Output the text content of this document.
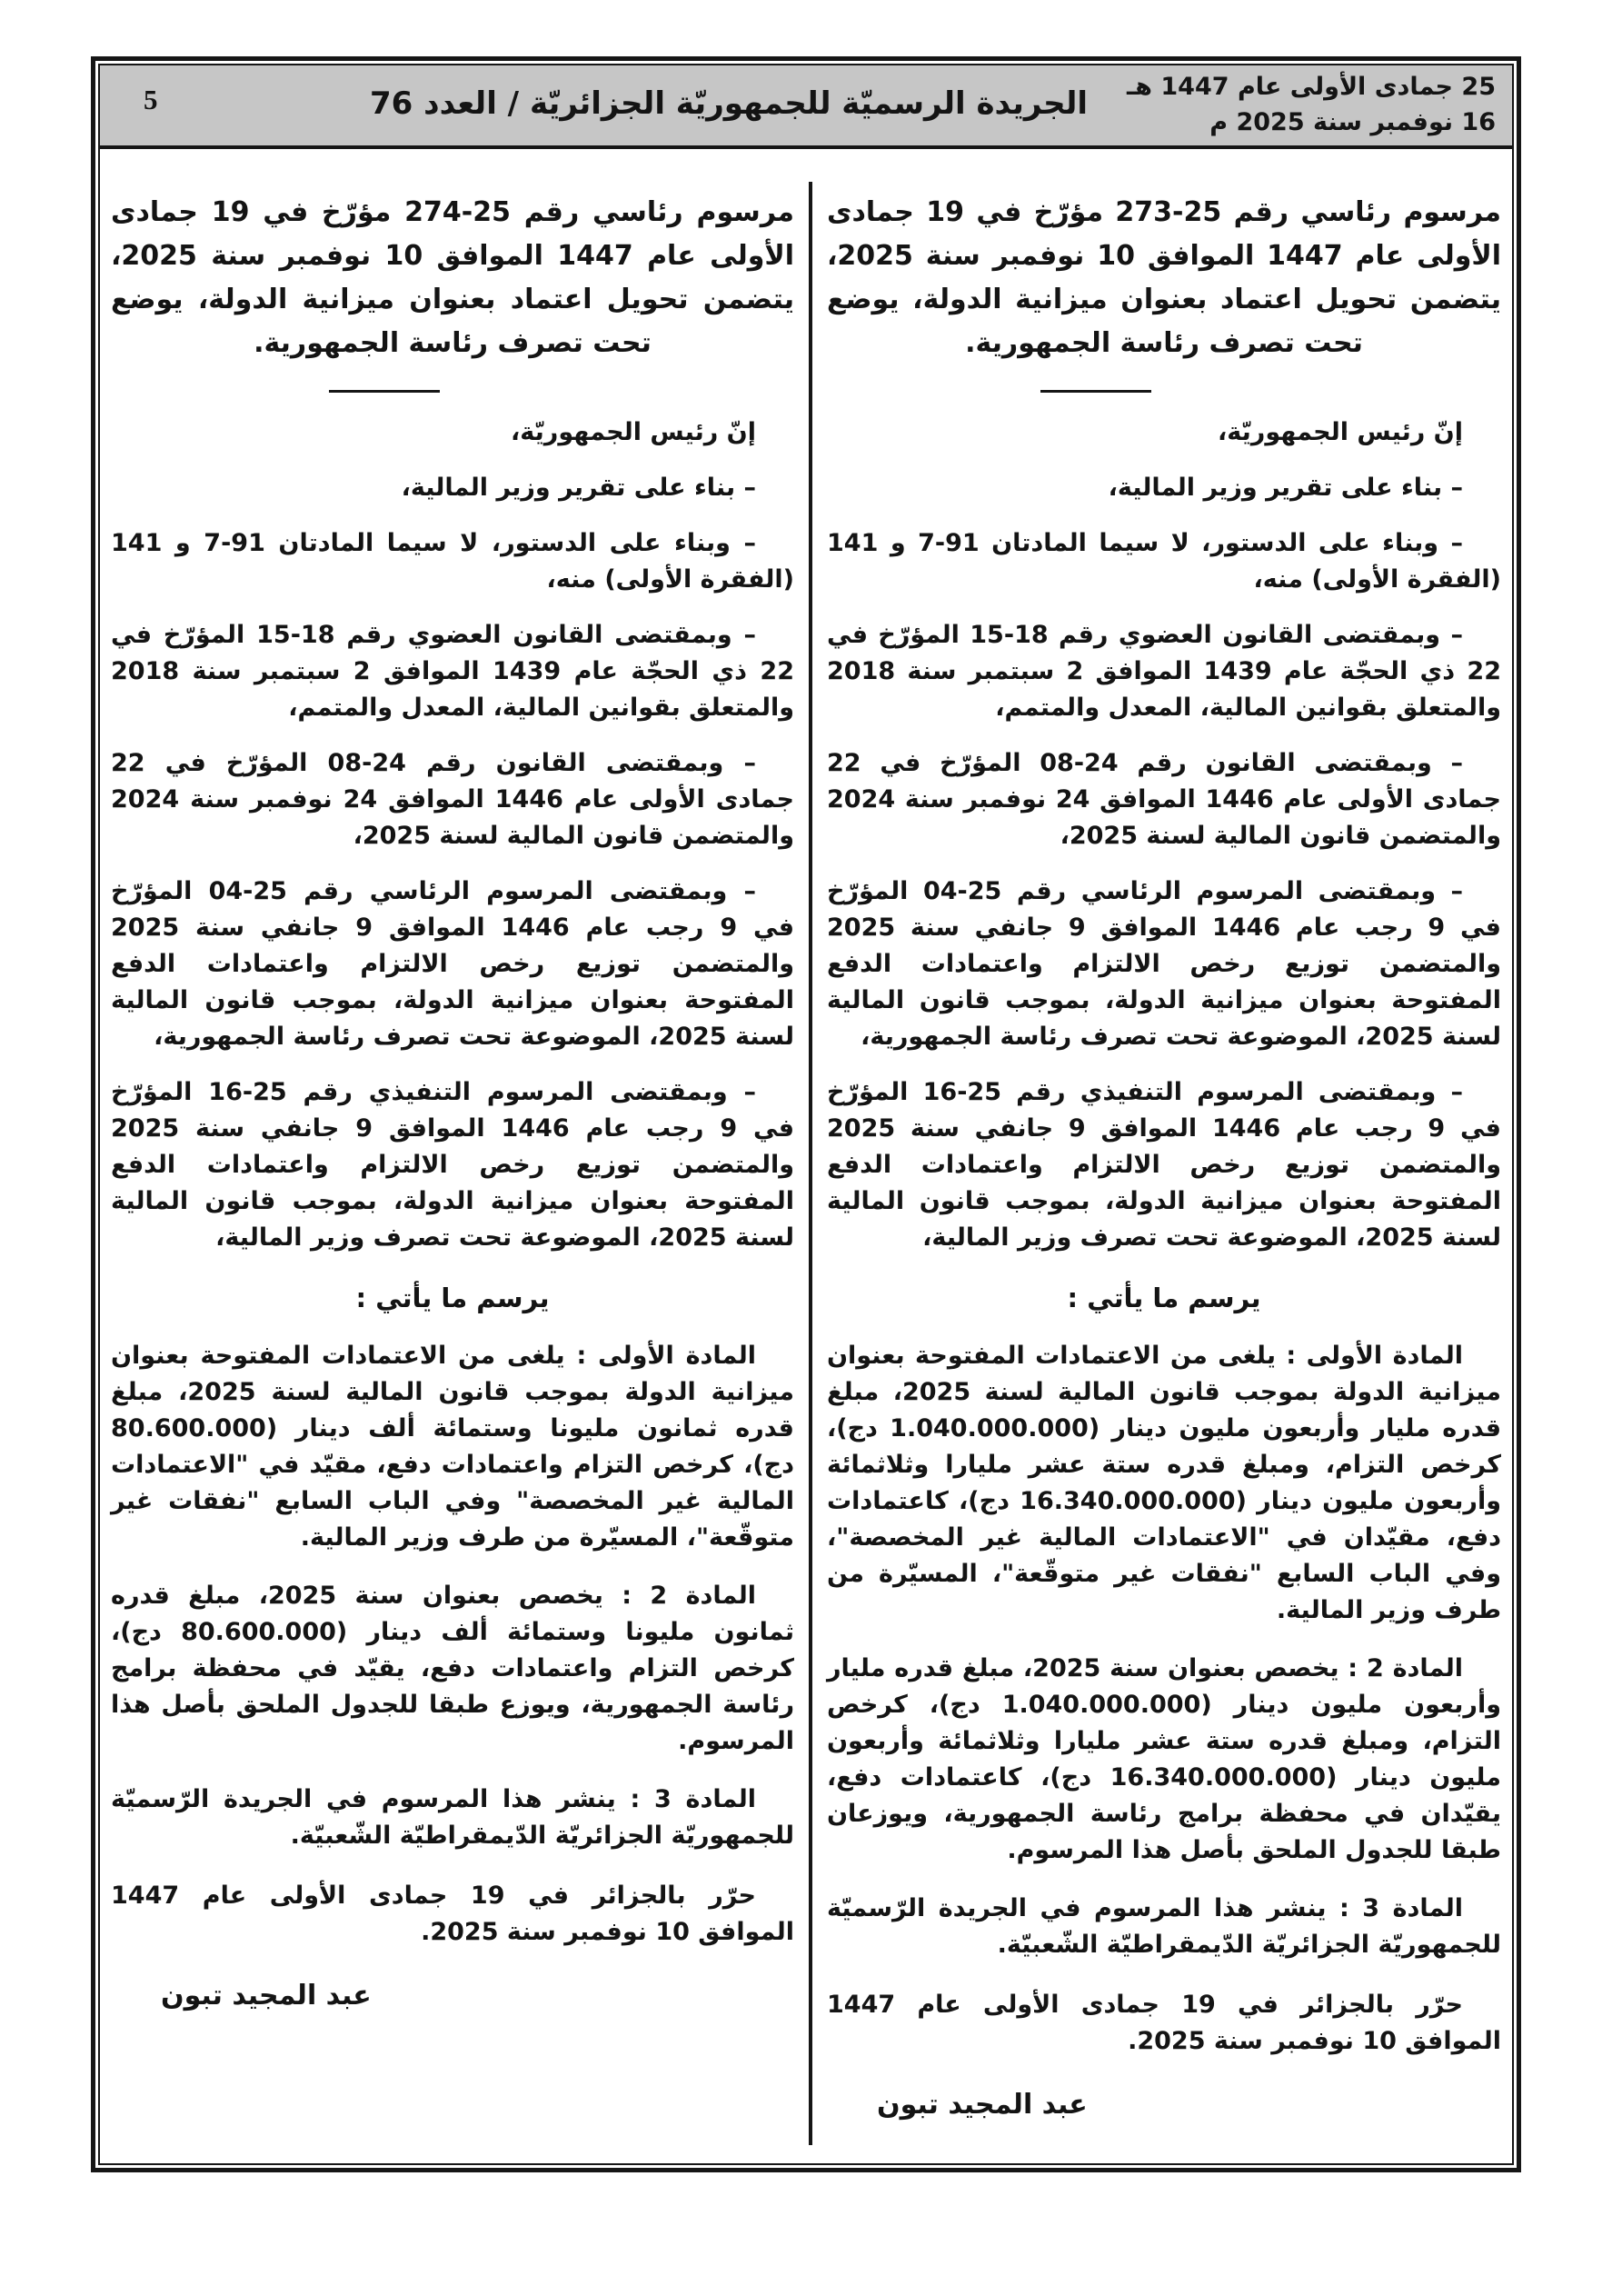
5	الجريدة الرسميّة للجمهوريّة الجزائريّة / العدد 76	25 جمادى الأولى عام 1447 هـ
16 نوفمبر سنة 2025 م

مرسوم رئاسي رقم 25-273 مؤرّخ في 19 جمادى الأولى عام 1447 الموافق 10 نوفمبر سنة 2025، يتضمن تحويل اعتماد بعنوان ميزانية الدولة، يوضع تحت تصرف رئاسة الجمهورية.

إنّ رئيس الجمهوريّة،

– بناء على تقرير وزير المالية،

– وبناء على الدستور، لا سيما المادتان 91-7 و 141 (الفقرة الأولى) منه،

– وبمقتضى القانون العضوي رقم 18-15 المؤرّخ في 22 ذي الحجّة عام 1439 الموافق 2 سبتمبر سنة 2018 والمتعلق بقوانين المالية، المعدل والمتمم،

– وبمقتضى القانون رقم 24-08 المؤرّخ في 22 جمادى الأولى عام 1446 الموافق 24 نوفمبر سنة 2024 والمتضمن قانون المالية لسنة 2025،

– وبمقتضى المرسوم الرئاسي رقم 25-04 المؤرّخ في 9 رجب عام 1446 الموافق 9 جانفي سنة 2025 والمتضمن توزيع رخص الالتزام واعتمادات الدفع المفتوحة بعنوان ميزانية الدولة، بموجب قانون المالية لسنة 2025، الموضوعة تحت تصرف رئاسة الجمهورية،

– وبمقتضى المرسوم التنفيذي رقم 25-16 المؤرّخ في 9 رجب عام 1446 الموافق 9 جانفي سنة 2025 والمتضمن توزيع رخص الالتزام واعتمادات الدفع المفتوحة بعنوان ميزانية الدولة، بموجب قانون المالية لسنة 2025، الموضوعة تحت تصرف وزير المالية،

يرسم ما يأتي :

المادة الأولى : يلغى من الاعتمادات المفتوحة بعنوان ميزانية الدولة بموجب قانون المالية لسنة 2025، مبلغ قدره مليار وأربعون مليون دينار (1.040.000.000 دج)، كرخص التزام، ومبلغ قدره ستة عشر مليارا وثلاثمائة وأربعون مليون دينار (16.340.000.000 دج)، كاعتمادات دفع، مقيّدان في "الاعتمادات المالية غير المخصصة"، وفي الباب السابع "نفقات غير متوقّعة"، المسيّرة من طرف وزير المالية.

المادة 2 : يخصص بعنوان سنة 2025، مبلغ قدره مليار وأربعون مليون دينار (1.040.000.000 دج)، كرخص التزام، ومبلغ قدره ستة عشر مليارا وثلاثمائة وأربعون مليون دينار (16.340.000.000 دج)، كاعتمادات دفع، يقيّدان في محفظة برامج رئاسة الجمهورية، ويوزعان طبقا للجدول الملحق بأصل هذا المرسوم.

المادة 3 : ينشر هذا المرسوم في الجريدة الرّسميّة للجمهوريّة الجزائريّة الدّيمقراطيّة الشّعبيّة.

حرّر بالجزائر في 19 جمادى الأولى عام 1447 الموافق 10 نوفمبر سنة 2025.

عبد المجيد تبون

مرسوم رئاسي رقم 25-274 مؤرّخ في 19 جمادى الأولى عام 1447 الموافق 10 نوفمبر سنة 2025، يتضمن تحويل اعتماد بعنوان ميزانية الدولة، يوضع تحت تصرف رئاسة الجمهورية.

إنّ رئيس الجمهوريّة،

– بناء على تقرير وزير المالية،

– وبناء على الدستور، لا سيما المادتان 91-7 و 141 (الفقرة الأولى) منه،

– وبمقتضى القانون العضوي رقم 18-15 المؤرّخ في 22 ذي الحجّة عام 1439 الموافق 2 سبتمبر سنة 2018 والمتعلق بقوانين المالية، المعدل والمتمم،

– وبمقتضى القانون رقم 24-08 المؤرّخ في 22 جمادى الأولى عام 1446 الموافق 24 نوفمبر سنة 2024 والمتضمن قانون المالية لسنة 2025،

– وبمقتضى المرسوم الرئاسي رقم 25-04 المؤرّخ في 9 رجب عام 1446 الموافق 9 جانفي سنة 2025 والمتضمن توزيع رخص الالتزام واعتمادات الدفع المفتوحة بعنوان ميزانية الدولة، بموجب قانون المالية لسنة 2025، الموضوعة تحت تصرف رئاسة الجمهورية،

– وبمقتضى المرسوم التنفيذي رقم 25-16 المؤرّخ في 9 رجب عام 1446 الموافق 9 جانفي سنة 2025 والمتضمن توزيع رخص الالتزام واعتمادات الدفع المفتوحة بعنوان ميزانية الدولة، بموجب قانون المالية لسنة 2025، الموضوعة تحت تصرف وزير المالية،

يرسم ما يأتي :

المادة الأولى : يلغى من الاعتمادات المفتوحة بعنوان ميزانية الدولة بموجب قانون المالية لسنة 2025، مبلغ قدره ثمانون مليونا وستمائة ألف دينار (80.600.000 دج)، كرخص التزام واعتمادات دفع، مقيّد في "الاعتمادات المالية غير المخصصة" وفي الباب السابع "نفقات غير متوقّعة"، المسيّرة من طرف وزير المالية.

المادة 2 : يخصص بعنوان سنة 2025، مبلغ قدره ثمانون مليونا وستمائة ألف دينار (80.600.000 دج)، كرخص التزام واعتمادات دفع، يقيّد في محفظة برامج رئاسة الجمهورية، ويوزع طبقا للجدول الملحق بأصل هذا المرسوم.

المادة 3 : ينشر هذا المرسوم في الجريدة الرّسميّة للجمهوريّة الجزائريّة الدّيمقراطيّة الشّعبيّة.

حرّر بالجزائر في 19 جمادى الأولى عام 1447 الموافق 10 نوفمبر سنة 2025.

عبد المجيد تبون
